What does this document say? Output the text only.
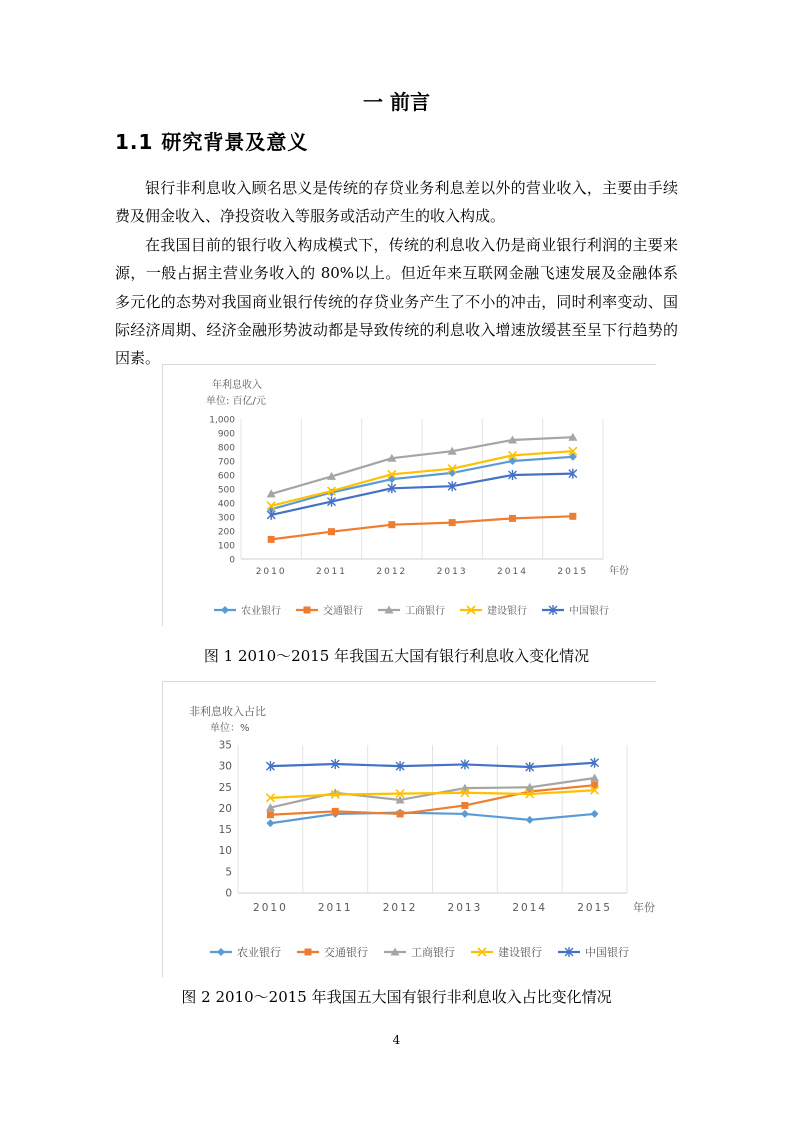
一 前言
1.1 研究背景及意义

银行非利息收入顾名思义是传统的存贷业务利息差以外的营业收入，主要由手续费及佣金收入、净投资收入等服务或活动产生的收入构成。

在我国目前的银行收入构成模式下，传统的利息收入仍是商业银行利润的主要来源，一般占据主营业务收入的 80%以上。但近年来互联网金融飞速发展及金融体系多元化的态势对我国商业银行传统的存贷业务产生了不小的冲击，同时利率变动、国际经济周期、经济金融形势波动都是导致传统的利息收入增速放缓甚至呈下行趋势的因素。

年利息收入
单位: 百亿/元
0
100
200
300
400
500
600
700
800
900
1,000
2010	2011	2012	2013	2014	2015 年份
农业银行	交通银行	工商银行	建设银行	中国银行
图 1 2010～2015 年我国五大国有银行利息收入变化情况
非利息收入占比
单位：%
0
5
10
15
20
25
30
35
2010	2011	2012	2013	2014	2015 年份
农业银行	交通银行	工商银行	建设银行	中国银行
图 2 2010～2015 年我国五大国有银行非利息收入占比变化情况
4
